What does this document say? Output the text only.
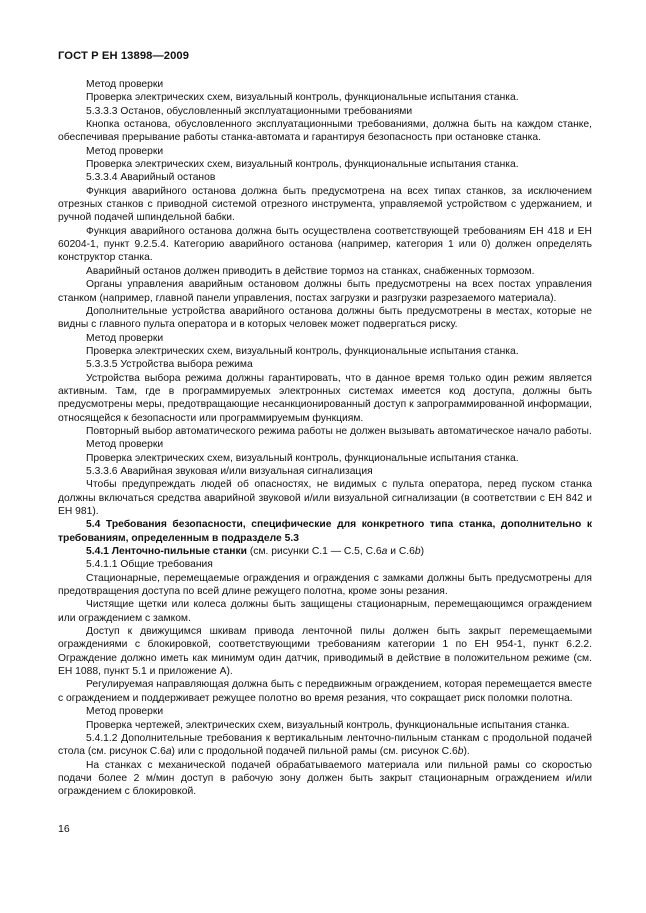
ГОСТ Р ЕН 13898—2009

Метод проверки

Проверка электрических схем, визуальный контроль, функциональные испытания станка.

5.3.3.3 Останов, обусловленный эксплуатационными требованиями

Кнопка останова, обусловленного эксплуатационными требованиями, должна быть на каждом станке, обеспечивая прерывание работы станка-автомата и гарантируя безопасность при остановке станка.

Метод проверки

Проверка электрических схем, визуальный контроль, функциональные испытания станка.

5.3.3.4 Аварийный останов

Функция аварийного останова должна быть предусмотрена на всех типах станков, за исключением отрезных станков с приводной системой отрезного инструмента, управляемой устройством с удержанием, и ручной подачей шпиндельной бабки.

Функция аварийного останова должна быть осуществлена соответствующей требованиям ЕН 418 и ЕН 60204-1, пункт 9.2.5.4. Категорию аварийного останова (например, категория 1 или 0) должен определять конструктор станка.

Аварийный останов должен приводить в действие тормоз на станках, снабженных тормозом.

Органы управления аварийным остановом должны быть предусмотрены на всех постах управления станком (например, главной панели управления, постах загрузки и разгрузки разрезаемого материала).

Дополнительные устройства аварийного останова должны быть предусмотрены в местах, которые не видны с главного пульта оператора и в которых человек может подвергаться риску.

Метод проверки

Проверка электрических схем, визуальный контроль, функциональные испытания станка.

5.3.3.5 Устройства выбора режима

Устройства выбора режима должны гарантировать, что в данное время только один режим является активным. Там, где в программируемых электронных системах имеется код доступа, должны быть предусмотрены меры, предотвращающие несанкционированный доступ к запрограммированной информации, относящейся к безопасности или программируемым функциям.

Повторный выбор автоматического режима работы не должен вызывать автоматическое начало работы.

Метод проверки

Проверка электрических схем, визуальный контроль, функциональные испытания станка.

5.3.3.6 Аварийная звуковая и/или визуальная сигнализация

Чтобы предупреждать людей об опасностях, не видимых с пульта оператора, перед пуском станка должны включаться средства аварийной звуковой и/или визуальной сигнализации (в соответствии с ЕН 842 и ЕН 981).

5.4 Требования безопасности, специфические для конкретного типа станка, дополнительно к требованиям, определенным в подразделе 5.3

5.4.1 Ленточно-пильные станки (см. рисунки С.1 — С.5, С.6а и С.6b)

5.4.1.1 Общие требования

Стационарные, перемещаемые ограждения и ограждения с замками должны быть предусмотрены для предотвращения доступа по всей длине режущего полотна, кроме зоны резания.

Чистящие щетки или колеса должны быть защищены стационарным, перемещающимся ограждением или ограждением с замком.

Доступ к движущимся шкивам привода ленточной пилы должен быть закрыт перемещаемыми ограждениями с блокировкой, соответствующими требованиям категории 1 по ЕН 954-1, пункт 6.2.2. Ограждение должно иметь как минимум один датчик, приводимый в действие в положительном режиме (см. ЕН 1088, пункт 5.1 и приложение А).

Регулируемая направляющая должна быть с передвижным ограждением, которая перемещается вместе с ограждением и поддерживает режущее полотно во время резания, что сокращает риск поломки полотна.

Метод проверки

Проверка чертежей, электрических схем, визуальный контроль, функциональные испытания станка.

5.4.1.2 Дополнительные требования к вертикальным ленточно-пильным станкам с продольной подачей стола (см. рисунок С.6а) или с продольной подачей пильной рамы (см. рисунок С.6b).

На станках с механической подачей обрабатываемого материала или пильной рамы со скоростью подачи более 2 м/мин доступ в рабочую зону должен быть закрыт стационарным ограждением и/или ограждением с блокировкой.

16
